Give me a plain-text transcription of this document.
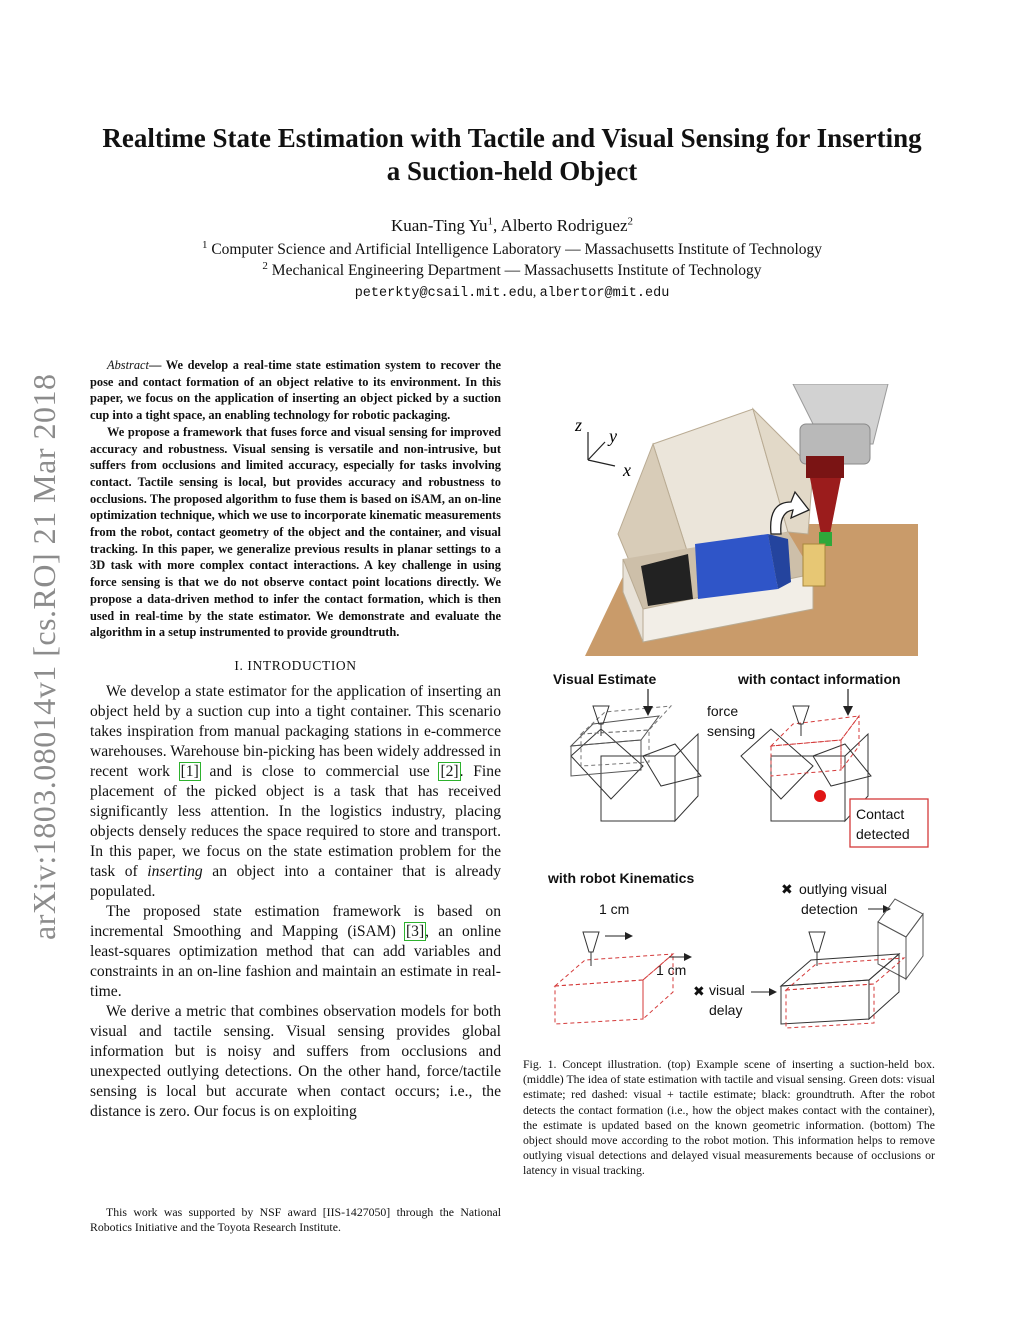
Realtime State Estimation with Tactile and Visual Sensing for Inserting
a Suction-held Object
Kuan-Ting Yu$^1$, Alberto Rodriguez$^2$
$^1$ Computer Science and Artificial Intelligence Laboratory — Massachusetts Institute of Technology
$^2$ Mechanical Engineering Department — Massachusetts Institute of Technology
peterkty@csail.mit.edu, albertor@mit.edu
arXiv:1803.08014v1 [cs.RO] 21 Mar 2018

Abstract— We develop a real-time state estimation system to recover the pose and contact formation of an object relative to its environment. In this paper, we focus on the application of inserting an object picked by a suction cup into a tight space, an enabling technology for robotic packaging.

We propose a framework that fuses force and visual sensing for improved accuracy and robustness. Visual sensing is versatile and non-intrusive, but suffers from occlusions and limited accuracy, especially for tasks involving contact. Tactile sensing is local, but provides accuracy and robustness to occlusions. The proposed algorithm to fuse them is based on iSAM, an on-line optimization technique, which we use to incorporate kinematic measurements from the robot, contact geometry of the object and the container, and visual tracking. In this paper, we generalize previous results in planar settings to a 3D task with more complex contact interactions. A key challenge in using force sensing is that we do not observe contact point locations directly. We propose a data-driven method to infer the contact formation, which is then used in real-time by the state estimator. We demonstrate and evaluate the algorithm in a setup instrumented to provide groundtruth.

I. INTRODUCTION

We develop a state estimator for the application of inserting an object held by a suction cup into a tight container. This scenario takes inspiration from manual packaging stations in e-commerce warehouses. Warehouse bin-picking has been widely addressed in recent work [1] and is close to commercial use [2]. Fine placement of the picked object is a task that has received significantly less attention. In the logistics industry, placing objects densely reduces the space required to store and transport. In this paper, we focus on the state estimation problem for the task of inserting an object into a container that is already populated.

The proposed state estimation framework is based on incremental Smoothing and Mapping (iSAM) [3], an online least-squares optimization method that can add variables and constraints in an on-line fashion and maintain an estimate in real-time.

We derive a metric that combines observation models for both visual and tactile sensing. Visual sensing provides global information but is noisy and suffers from occlusions and unexpected outlying detections. On the other hand, force/tactile sensing is local but accurate when contact occurs; i.e., the distance is zero. Our focus is on exploiting

This work was supported by NSF award [IIS-1427050] through the National Robotics Initiative and the Toyota Research Institute.
z
y
x
Visual Estimate	with contact information
force
sensing
Contact
detected
with robot Kinematics
1 cm
1 cm
✖ outlying visual
detection
✖ visual
delay
Fig. 1. Concept illustration. (top) Example scene of inserting a suction-held box. (middle) The idea of state estimation with tactile and visual sensing. Green dots: visual estimate; red dashed: visual + tactile estimate; black: groundtruth. After the robot detects the contact formation (i.e., how the object makes contact with the container), the estimate is updated based on the known geometric information. (bottom) The object should move according to the robot motion. This information helps to remove outlying visual detections and delayed visual measurements because of occlusions or latency in visual tracking.
